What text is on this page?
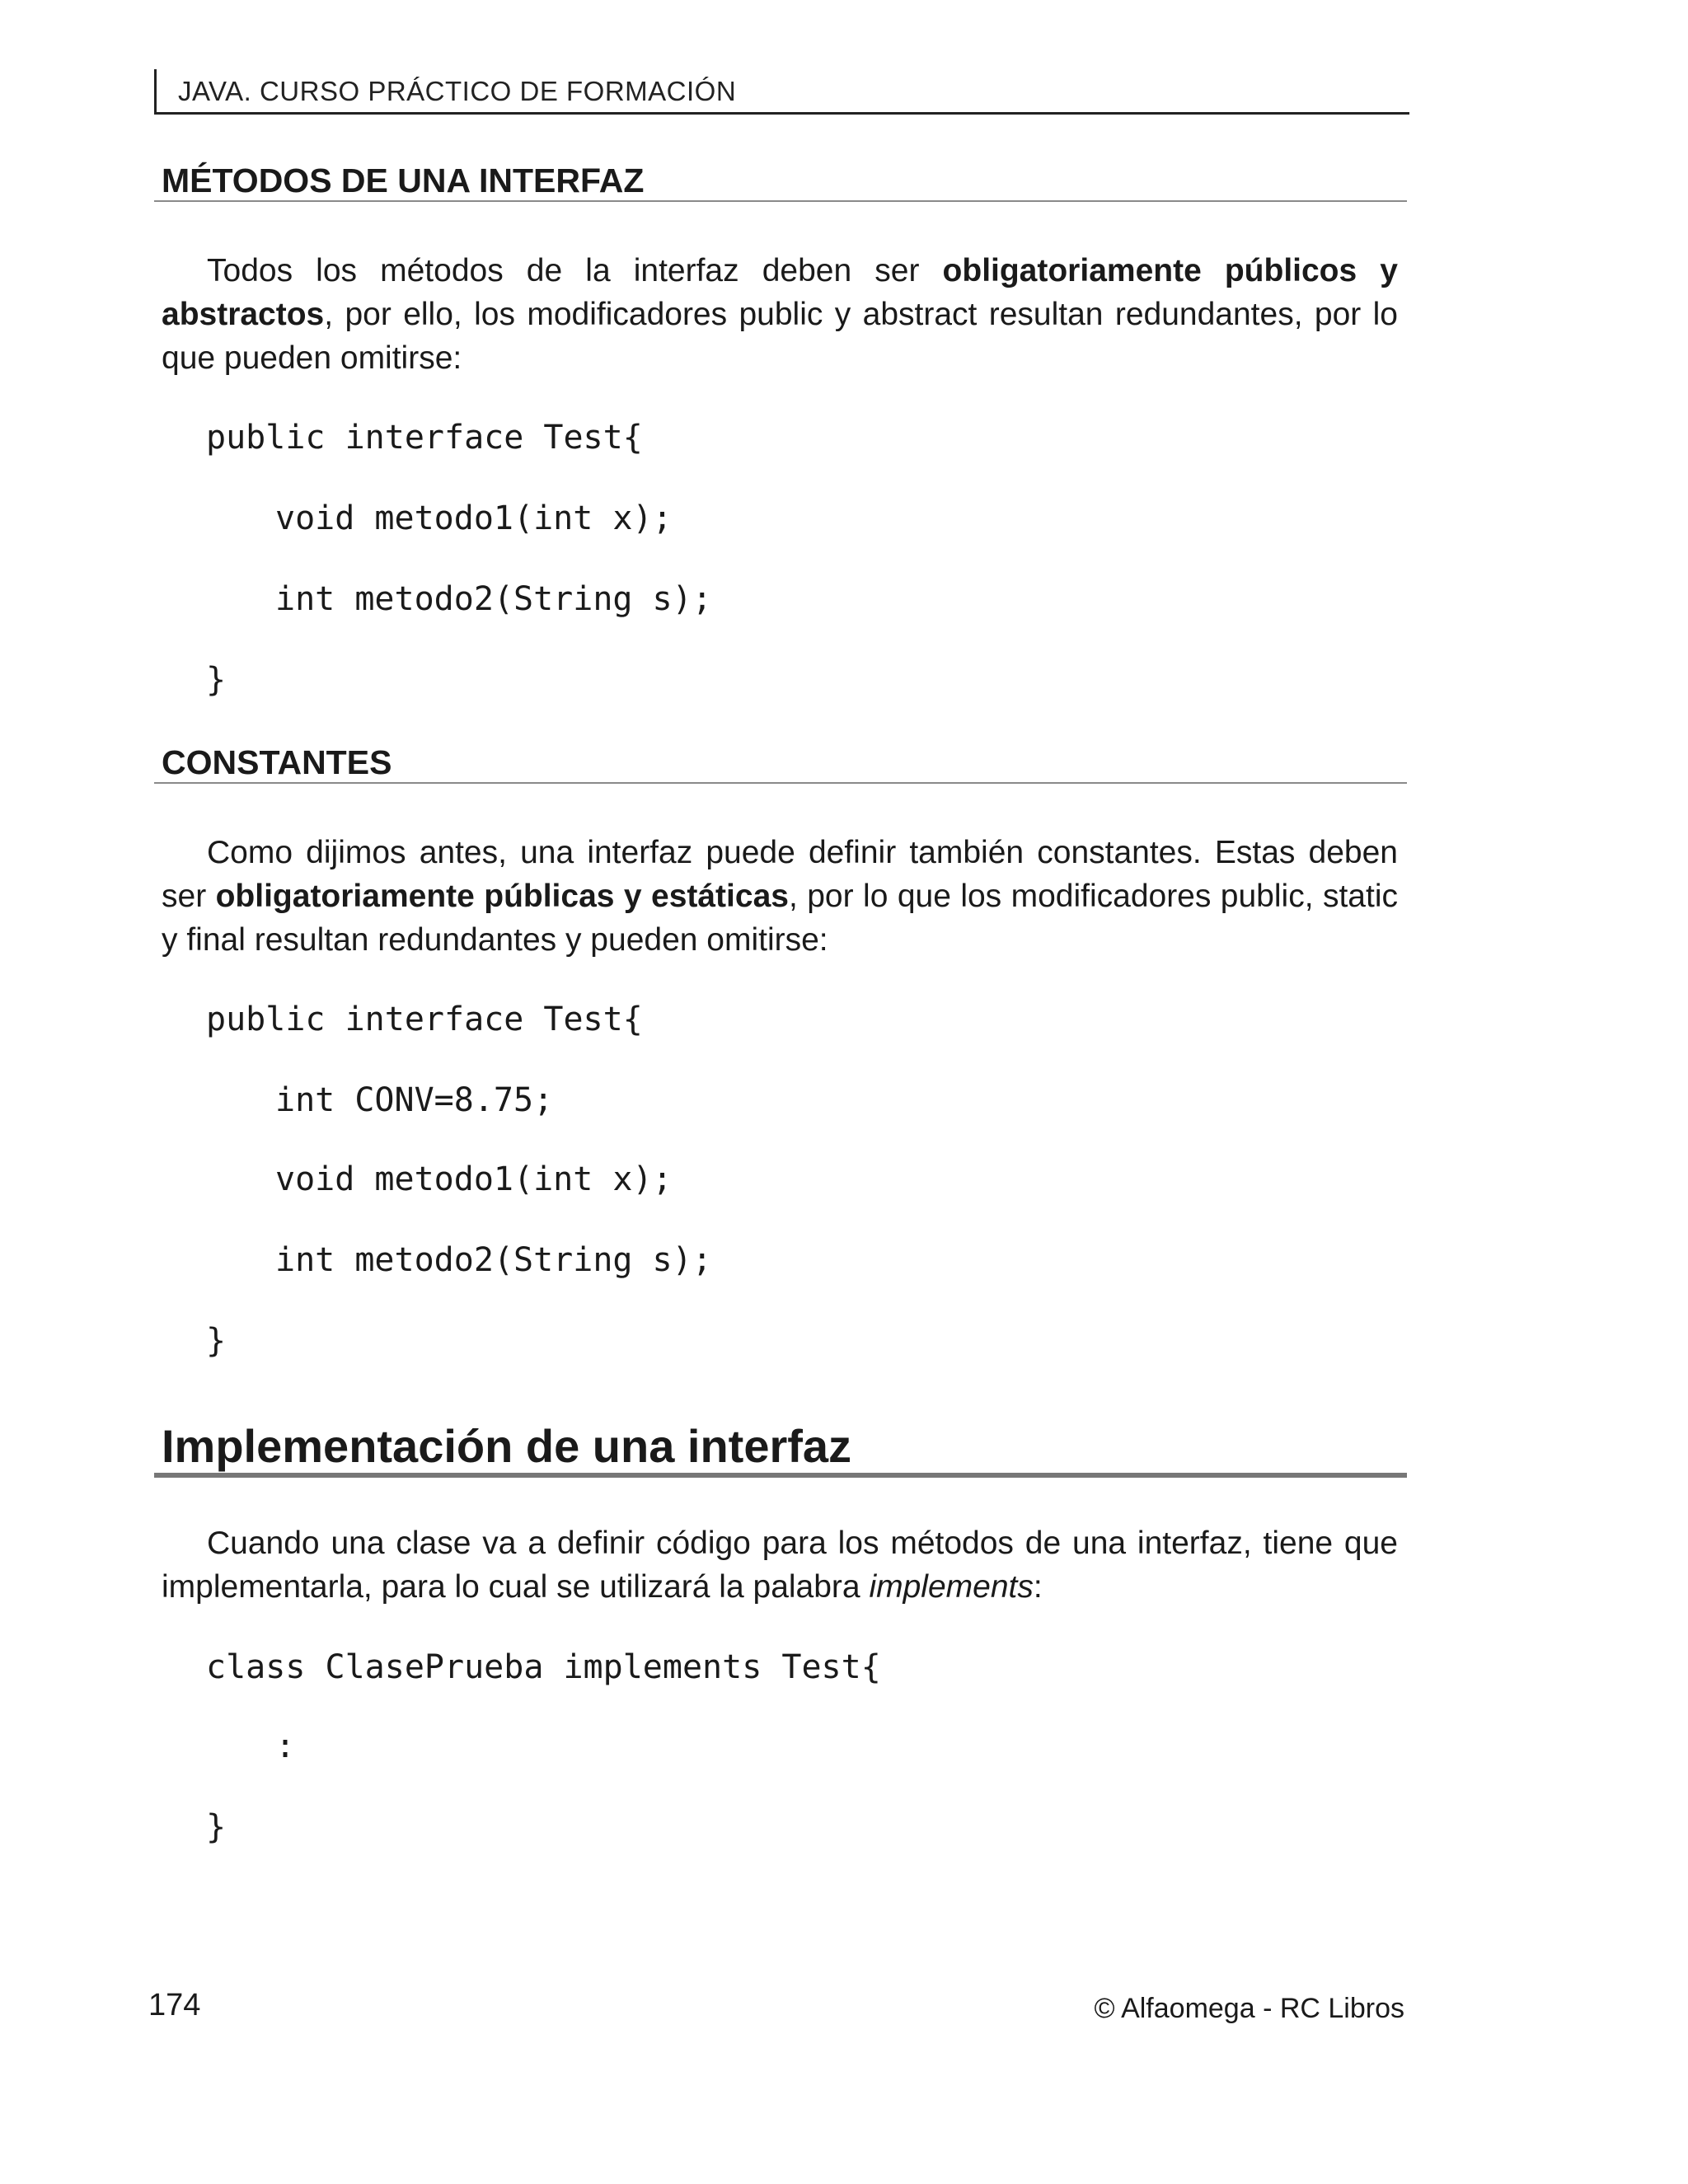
JAVA. CURSO PRÁCTICO DE FORMACIÓN
MÉTODOS DE UNA INTERFAZ

Todos los métodos de la interfaz deben ser obligatoriamente públicos y abstractos, por ello, los modificadores public y abstract resultan redundantes, por lo que pueden omitirse:

public interface Test{
void metodo1(int x);
int metodo2(String s);
}
CONSTANTES

Como dijimos antes, una interfaz puede definir también constantes. Estas deben ser obligatoriamente públicas y estáticas, por lo que los modificadores public, static y final resultan redundantes y pueden omitirse:

public interface Test{
int CONV=8.75;
void metodo1(int x);
int metodo2(String s);
}
Implementación de una interfaz

Cuando una clase va a definir código para los métodos de una interfaz, tiene que implementarla, para lo cual se utilizará la palabra implements:

class ClasePrueba implements Test{
:
}
174	© Alfaomega - RC Libros
